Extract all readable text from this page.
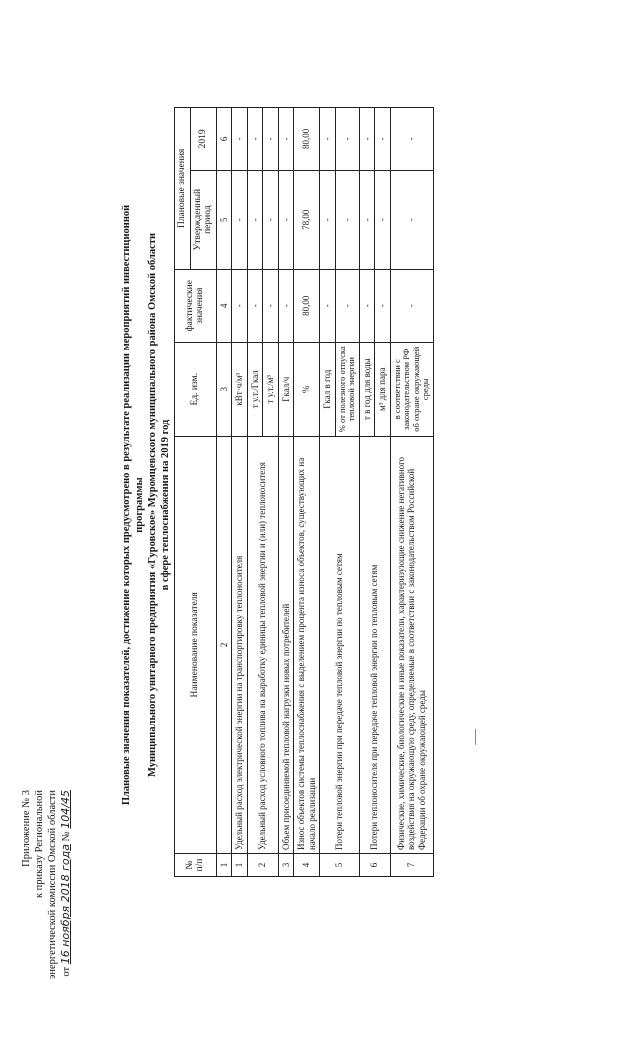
Приложение № 3 к приказу Региональной энергетической комиссии Омской области от 16 ноября 2018 года № 104/45
Плановые значения показателей, достижение которых предусмотрено в результате реализации мероприятий инвестиционной программы Муниципального унитарного предприятия «Гуровское» Муромцевского муниципального района Омской области в сфере теплоснабжения на 2019 год
№ п/п	Наименование показателя	Ед. изм.	фактические значения	Плановые значения	
				Утвержденный период	2019
1	2	3	4	5	6
1	Удельный расход электрической энергии на транспортировку теплоносителя	кВт·ч/м³	-	-	-
2	Удельный расход условного топлива на выработку единицы тепловой энергии и (или) теплоносителя	т у.т./Гкал	-	-	-
		т у.т./м³	-	-	-
3	Объем присоединяемой тепловой нагрузки новых потребителей	Гкал/ч	-	-	-
4	Износ объектов системы теплоснабжения с выделением процента износа объектов, существующих на начало реализации	%	80,00	78,00	80,00
5	Потери тепловой энергии при передаче тепловой энергии по тепловым сетям	Гкал в год	-	-	-
		% от полезного отпуска тепловой энергии	-	-	-
6	Потери теплоносителя при передаче тепловой энергии по тепловым сетям	т в год для воды	-	-	-
		м³ для пара	-	-	-
7	Физические, химические, биологические и иные показатели, характеризующие снижение негативного воздействия на окружающую среду, определяемые в соответствии с законодательством Российской Федерации об охране окружающей среды	в соответствии с законодательством РФ об охране окружающей среды	-	-	-
